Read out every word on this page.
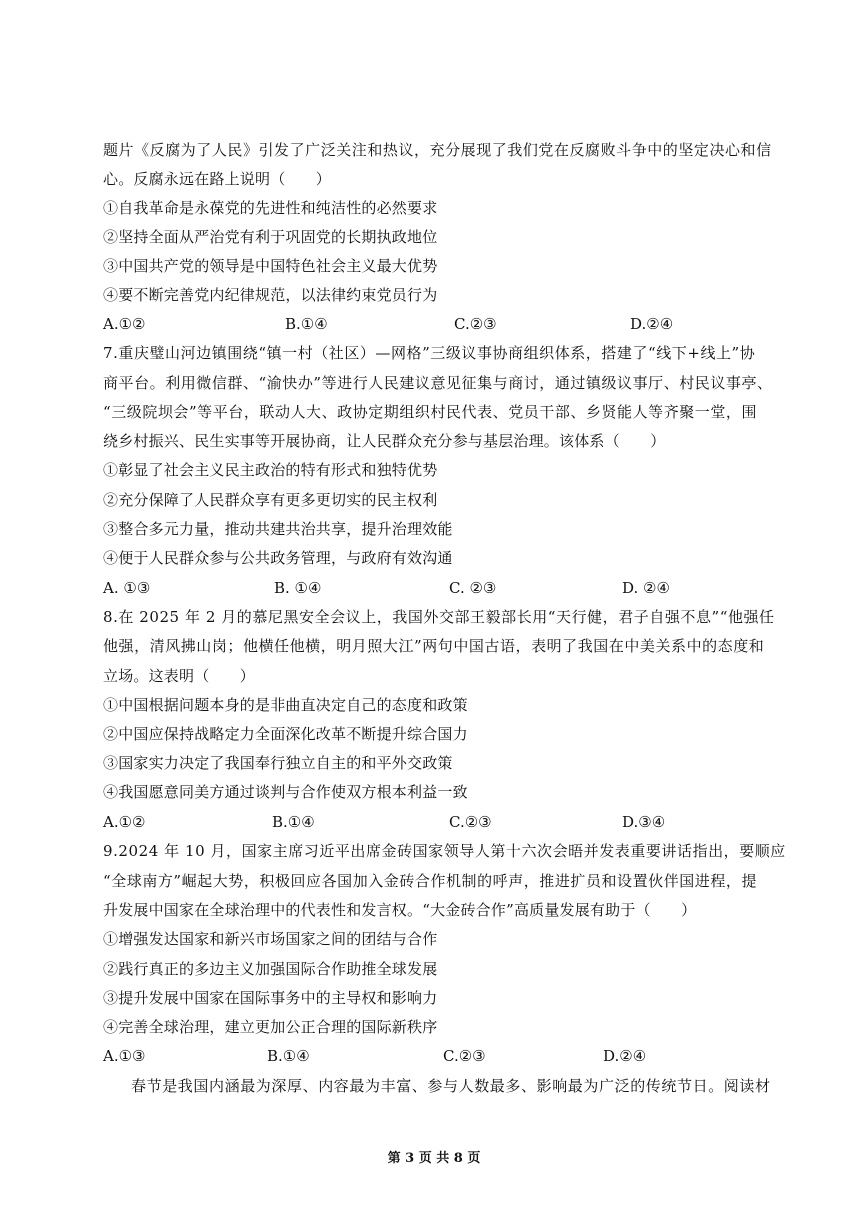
题片《反腐为了人民》引发了广泛关注和热议，充分展现了我们党在反腐败斗争中的坚定决心和信
心。反腐永远在路上说明（　　）
①自我革命是永葆党的先进性和纯洁性的必然要求
②坚持全面从严治党有利于巩固党的长期执政地位
③中国共产党的领导是中国特色社会主义最大优势
④要不断完善党内纪律规范，以法律约束党员行为
A.①②	B.①④	C.②③	D.②④
7.重庆璧山河边镇围绕“镇一村（社区）—网格”三级议事协商组织体系，搭建了“线下+线上”协
商平台。利用微信群、“渝快办”等进行人民建议意见征集与商讨，通过镇级议事厅、村民议事亭、
“三级院坝会”等平台，联动人大、政协定期组织村民代表、党员干部、乡贤能人等齐聚一堂，围
绕乡村振兴、民生实事等开展协商，让人民群众充分参与基层治理。该体系（　　）
①彰显了社会主义民主政治的特有形式和独特优势
②充分保障了人民群众享有更多更切实的民主权利
③整合多元力量，推动共建共治共享，提升治理效能
④便于人民群众参与公共政务管理，与政府有效沟通
A. ①③	B. ①④	C. ②③	D. ②④
8.在 2025 年 2 月的慕尼黑安全会议上，我国外交部王毅部长用“天行健，君子自强不息”“他强任
他强，清风拂山岗；他横任他横，明月照大江”两句中国古语，表明了我国在中美关系中的态度和
立场。这表明（　　）
①中国根据问题本身的是非曲直决定自己的态度和政策
②中国应保持战略定力全面深化改革不断提升综合国力
③国家实力决定了我国奉行独立自主的和平外交政策
④我国愿意同美方通过谈判与合作使双方根本利益一致
A.①②	B.①④	C.②③	D.③④
9.2024 年 10 月，国家主席习近平出席金砖国家领导人第十六次会晤并发表重要讲话指出，要顺应
“全球南方”崛起大势，积极回应各国加入金砖合作机制的呼声，推进扩员和设置伙伴国进程，提
升发展中国家在全球治理中的代表性和发言权。“大金砖合作”高质量发展有助于（　　）
①增强发达国家和新兴市场国家之间的团结与合作
②践行真正的多边主义加强国际合作助推全球发展
③提升发展中国家在国际事务中的主导权和影响力
④完善全球治理，建立更加公正合理的国际新秩序
A.①③	B.①④	C.②③	D.②④
春节是我国内涵最为深厚、内容最为丰富、参与人数最多、影响最为广泛的传统节日。阅读材
第 3 页 共 8 页
